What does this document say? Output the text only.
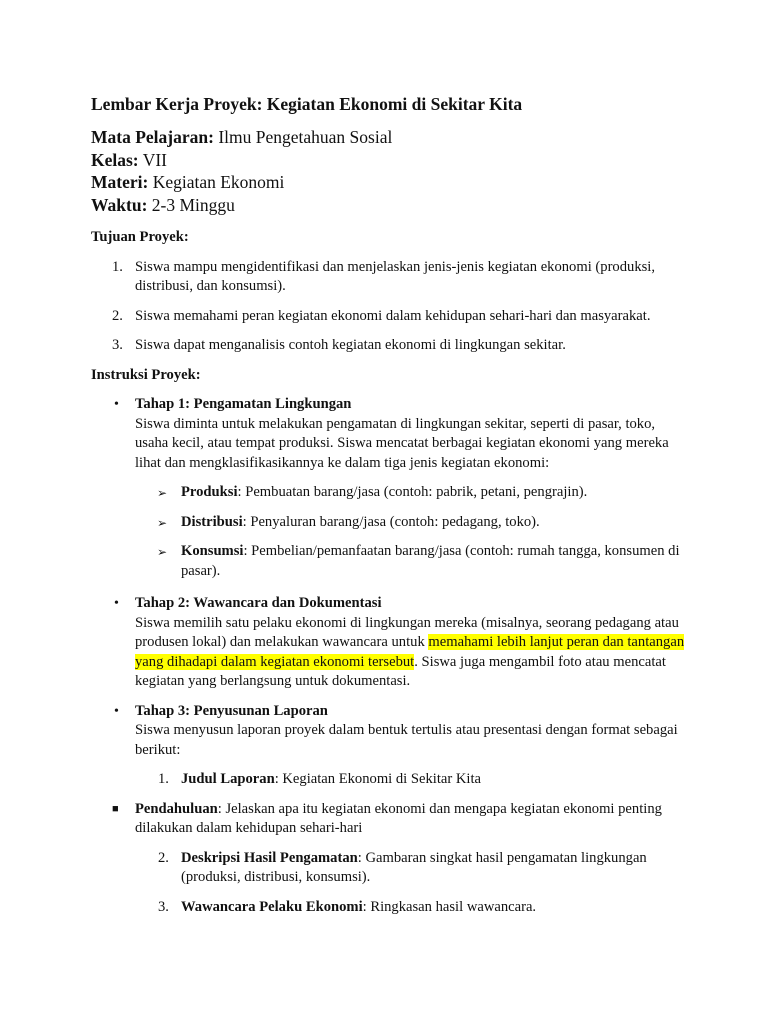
Lembar Kerja Proyek: Kegiatan Ekonomi di Sekitar Kita
Mata Pelajaran: Ilmu Pengetahuan Sosial
Kelas: VII
Materi: Kegiatan Ekonomi
Waktu: 2-3 Minggu
Tujuan Proyek:
1. Siswa mampu mengidentifikasi dan menjelaskan jenis-jenis kegiatan ekonomi (produksi, distribusi, dan konsumsi).
2. Siswa memahami peran kegiatan ekonomi dalam kehidupan sehari-hari dan masyarakat.
3. Siswa dapat menganalisis contoh kegiatan ekonomi di lingkungan sekitar.
Instruksi Proyek:
• Tahap 1: Pengamatan Lingkungan
Siswa diminta untuk melakukan pengamatan di lingkungan sekitar, seperti di pasar, toko, usaha kecil, atau tempat produksi. Siswa mencatat berbagai kegiatan ekonomi yang mereka lihat dan mengklasifikasikannya ke dalam tiga jenis kegiatan ekonomi:
➢ Produksi: Pembuatan barang/jasa (contoh: pabrik, petani, pengrajin).
➢ Distribusi: Penyaluran barang/jasa (contoh: pedagang, toko).
➢ Konsumsi: Pembelian/pemanfaatan barang/jasa (contoh: rumah tangga, konsumen di pasar).
• Tahap 2: Wawancara dan Dokumentasi
Siswa memilih satu pelaku ekonomi di lingkungan mereka (misalnya, seorang pedagang atau produsen lokal) dan melakukan wawancara untuk memahami lebih lanjut peran dan tantangan yang dihadapi dalam kegiatan ekonomi tersebut. Siswa juga mengambil foto atau mencatat kegiatan yang berlangsung untuk dokumentasi.
• Tahap 3: Penyusunan Laporan
Siswa menyusun laporan proyek dalam bentuk tertulis atau presentasi dengan format sebagai berikut:
1. Judul Laporan: Kegiatan Ekonomi di Sekitar Kita
■ Pendahuluan: Jelaskan apa itu kegiatan ekonomi dan mengapa kegiatan ekonomi penting dilakukan dalam kehidupan sehari-hari
2. Deskripsi Hasil Pengamatan: Gambaran singkat hasil pengamatan lingkungan (produksi, distribusi, konsumsi).
3. Wawancara Pelaku Ekonomi: Ringkasan hasil wawancara.
